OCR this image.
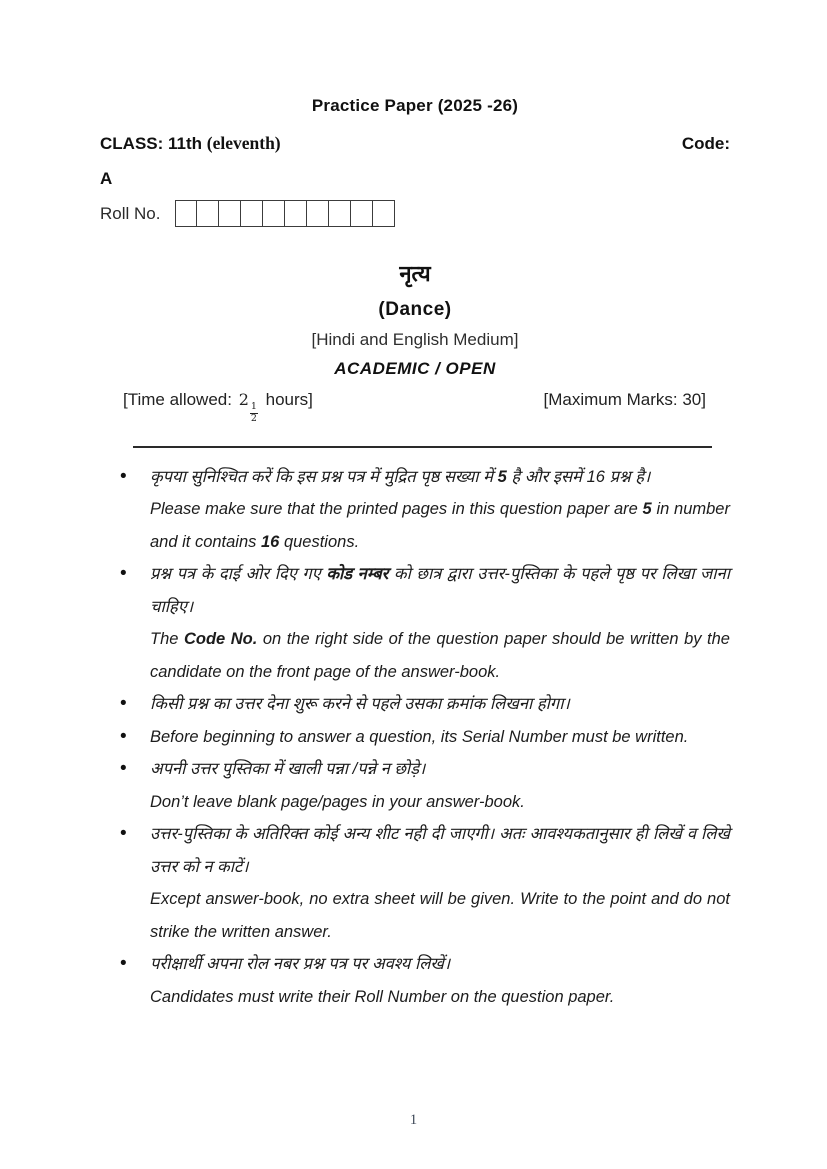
Practice Paper (2025 -26)
CLASS: 11th (eleventh)	Code:
A
Roll No.
नृत्य
(Dance)
[Hindi and English Medium]
ACADEMIC / OPEN
[Time allowed: 2
$\frac{1}{2}$
hours]	[Maximum Marks: 30]
• कृपया सुनिश्चित करें कि इस प्रश्न पत्र में मुद्रित पृष्ठ सख्या में 5 है और इसमें 16 प्रश्न है।
Please make sure that the printed pages in this question paper are 5 in number and it contains 16 questions.
• प्रश्न पत्र के दाई ओर दिए गए कोड नम्बर को छात्र द्वारा उत्तर-पुस्तिका के पहले पृष्ठ पर लिखा जाना चाहिए।
The Code No. on the right side of the question paper should be written by the candidate on the front page of the answer-book.
• किसी प्रश्न का उत्तर देना शुरू करने से पहले उसका क्रमांक लिखना होगा।
• Before beginning to answer a question, its Serial Number must be written.
• अपनी उत्तर पुस्तिका में खाली पन्ना /पन्ने न छोड़े।
Don’t leave blank page/pages in your answer-book.
• उत्तर-पुस्तिका के अतिरिक्त कोई अन्य शीट नही दी जाएगी। अतः आवश्यकतानुसार ही लिखें व लिखे उत्तर को न काटें।
Except answer-book, no extra sheet will be given. Write to the point and do not strike the written answer.
• परीक्षार्थी अपना रोल नबर प्रश्न पत्र पर अवश्य लिखें।
Candidates must write their Roll Number on the question paper.
1
